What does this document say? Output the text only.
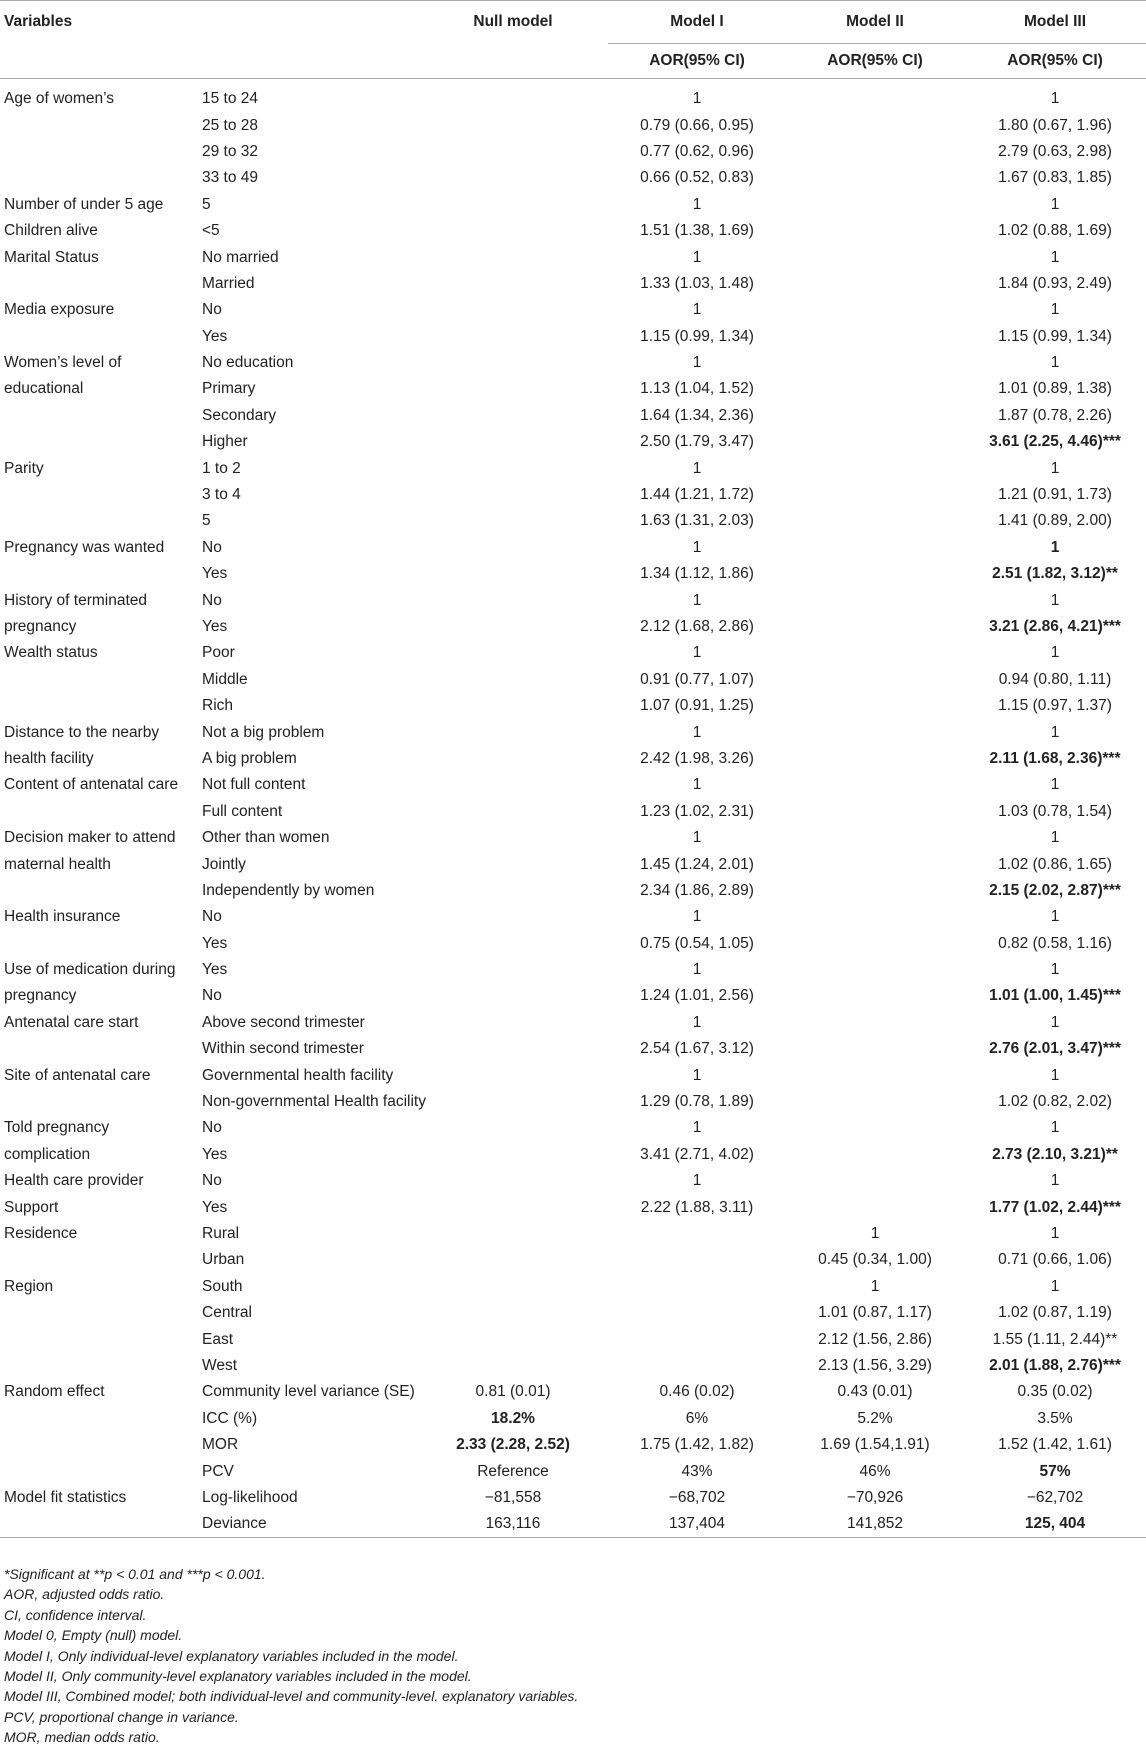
Variables		Null model	Model I	Model II	Model III
			AOR(95% CI)	AOR(95% CI)	AOR(95% CI)

Age of women’s	15 to 24		1		1
	25 to 28		0.79 (0.66, 0.95)		1.80 (0.67, 1.96)
	29 to 32		0.77 (0.62, 0.96)		2.79 (0.63, 2.98)
	33 to 49		0.66 (0.52, 0.83)		1.67 (0.83, 1.85)
Number of under 5 age	5		1		1
Children alive	<5		1.51 (1.38, 1.69)		1.02 (0.88, 1.69)
Marital Status	No married		1		1
	Married		1.33 (1.03, 1.48)		1.84 (0.93, 2.49)
Media exposure	No		1		1
	Yes		1.15 (0.99, 1.34)		1.15 (0.99, 1.34)
Women’s level of	No education		1		1
educational	Primary		1.13 (1.04, 1.52)		1.01 (0.89, 1.38)
	Secondary		1.64 (1.34, 2.36)		1.87 (0.78, 2.26)
	Higher		2.50 (1.79, 3.47)		3.61 (2.25, 4.46)***
Parity	1 to 2		1		1
	3 to 4		1.44 (1.21, 1.72)		1.21 (0.91, 1.73)
	5		1.63 (1.31, 2.03)		1.41 (0.89, 2.00)
Pregnancy was wanted	No		1		1
	Yes		1.34 (1.12, 1.86)		2.51 (1.82, 3.12)**
History of terminated	No		1		1
pregnancy	Yes		2.12 (1.68, 2.86)		3.21 (2.86, 4.21)***
Wealth status	Poor		1		1
	Middle		0.91 (0.77, 1.07)		0.94 (0.80, 1.11)
	Rich		1.07 (0.91, 1.25)		1.15 (0.97, 1.37)
Distance to the nearby	Not a big problem		1		1
health facility	A big problem		2.42 (1.98, 3.26)		2.11 (1.68, 2.36)***
Content of antenatal care	Not full content		1		1
	Full content		1.23 (1.02, 2.31)		1.03 (0.78, 1.54)
Decision maker to attend	Other than women		1		1
maternal health	Jointly		1.45 (1.24, 2.01)		1.02 (0.86, 1.65)
	Independently by women		2.34 (1.86, 2.89)		2.15 (2.02, 2.87)***
Health insurance	No		1		1
	Yes		0.75 (0.54, 1.05)		0.82 (0.58, 1.16)
Use of medication during	Yes		1		1
pregnancy	No		1.24 (1.01, 2.56)		1.01 (1.00, 1.45)***
Antenatal care start	Above second trimester		1		1
	Within second trimester		2.54 (1.67, 3.12)		2.76 (2.01, 3.47)***
Site of antenatal care	Governmental health facility		1		1
	Non-governmental Health facility		1.29 (0.78, 1.89)		1.02 (0.82, 2.02)
Told pregnancy	No		1		1
complication	Yes		3.41 (2.71, 4.02)		2.73 (2.10, 3.21)**
Health care provider	No		1		1
Support	Yes		2.22 (1.88, 3.11)		1.77 (1.02, 2.44)***
Residence	Rural			1	1
	Urban			0.45 (0.34, 1.00)	0.71 (0.66, 1.06)
Region	South			1	1
	Central			1.01 (0.87, 1.17)	1.02 (0.87, 1.19)
	East			2.12 (1.56, 2.86)	1.55 (1.11, 2.44)**
	West			2.13 (1.56, 3.29)	2.01 (1.88, 2.76)***
Random effect	Community level variance (SE)	0.81 (0.01)	0.46 (0.02)	0.43 (0.01)	0.35 (0.02)
	ICC (%)	18.2%	6%	5.2%	3.5%
	MOR	2.33 (2.28, 2.52)	1.75 (1.42, 1.82)	1.69 (1.54,1.91)	1.52 (1.42, 1.61)
	PCV	Reference	43%	46%	57%
Model fit statistics	Log-likelihood	−81,558	−68,702	−70,926	−62,702
	Deviance	163,116	137,404	141,852	125, 404
*Significant at **p < 0.01 and ***p < 0.001.
AOR, adjusted odds ratio.
CI, confidence interval.
Model 0, Empty (null) model.
Model I, Only individual-level explanatory variables included in the model.
Model II, Only community-level explanatory variables included in the model.
Model III, Combined model; both individual-level and community-level. explanatory variables.
PCV, proportional change in variance.
MOR, median odds ratio.
